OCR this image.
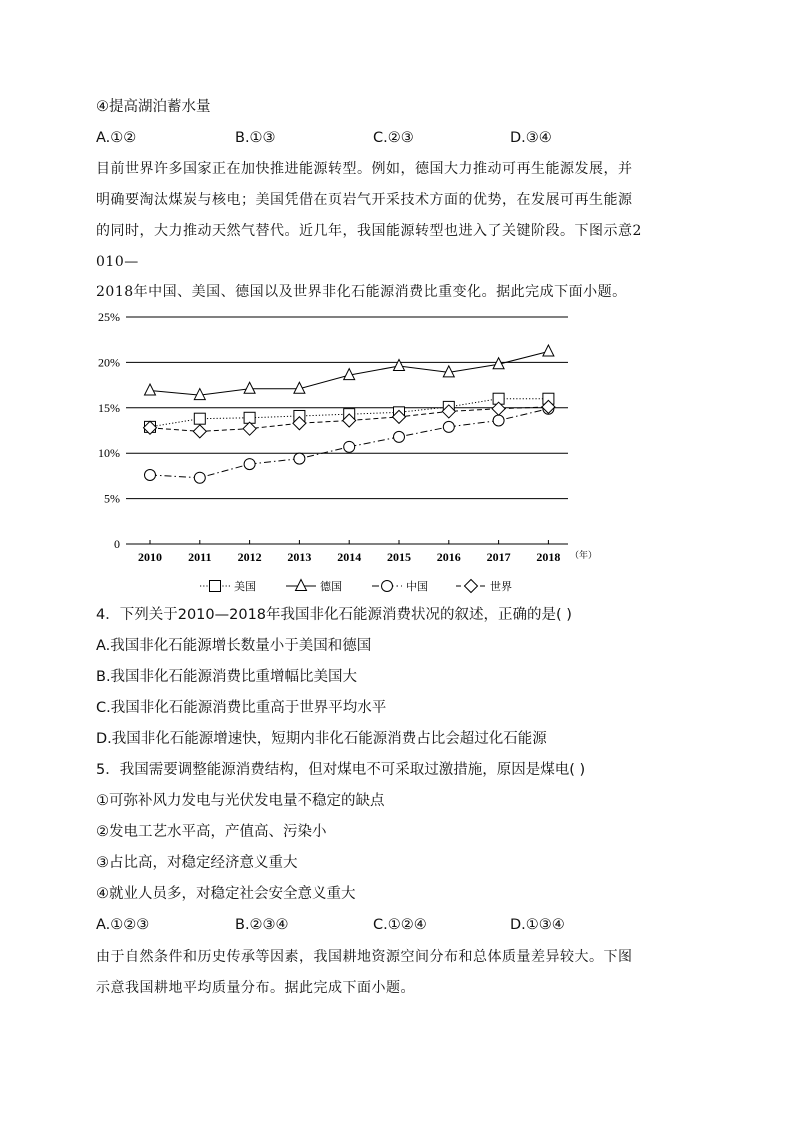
④提高湖泊蓄水量
A.①②	B.①③	C.②③	D.③④
目前世界许多国家正在加快推进能源转型。例如，德国大力推动可再生能源发展，并
明确要淘汰煤炭与核电；美国凭借在页岩气开采技术方面的优势，在发展可再生能源
的同时，大力推动天然气替代。近几年，我国能源转型也进入了关键阶段。下图示意2
010—
2018年中国、美国、德国以及世界非化石能源消费比重变化。据此完成下面小题。
0
5%
10%
15%
20%
25%
2010 2011 2012 2013 2014 2015 2016 2017 2018 （年）
美国	德国	中国	世界
4．下列关于2010—2018年我国非化石能源消费状况的叙述，正确的是( )
A.我国非化石能源增长数量小于美国和德国
B.我国非化石能源消费比重增幅比美国大
C.我国非化石能源消费比重高于世界平均水平
D.我国非化石能源增速快，短期内非化石能源消费占比会超过化石能源
5．我国需要调整能源消费结构，但对煤电不可采取过激措施，原因是煤电( )
①可弥补风力发电与光伏发电量不稳定的缺点
②发电工艺水平高，产值高、污染小
③占比高，对稳定经济意义重大
④就业人员多，对稳定社会安全意义重大
A.①②③	B.②③④	C.①②④	D.①③④
由于自然条件和历史传承等因素，我国耕地资源空间分布和总体质量差异较大。下图
示意我国耕地平均质量分布。据此完成下面小题。
